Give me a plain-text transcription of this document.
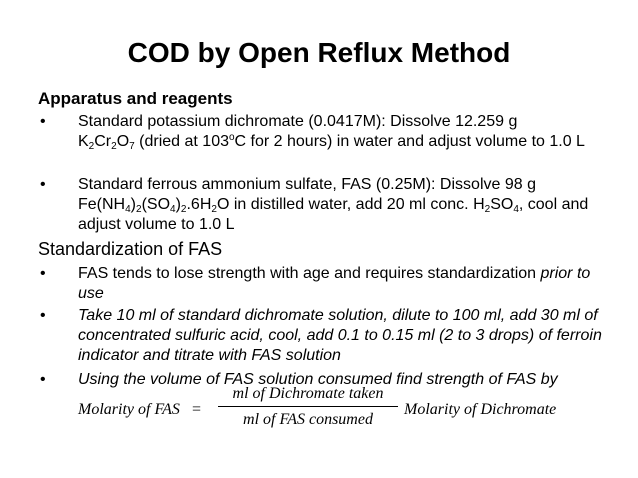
COD by Open Reflux Method
Apparatus and reagents
• Standard potassium dichromate (0.0417M): Dissolve 12.259 g
$K_2Cr_2O_7$ (dried at 103$^o$C for 2 hours) in water and adjust volume to 1.0 L
• Standard ferrous ammonium sulfate, FAS (0.25M): Dissolve 98 g $Fe(NH_4)_2(SO_4)_2.6H_2O$ in distilled water, add 20 ml conc. $H_2SO_4$, cool and adjust volume to 1.0 L
Standardization of FAS
• FAS tends to lose strength with age and requires standardization prior to use
• Take 10 ml of standard dichromate solution, dilute to 100 ml, add 30 ml of concentrated sulfuric acid, cool, add 0.1 to 0.15 ml (2 to 3 drops) of ferroin indicator and titrate with FAS solution
• Using the volume of FAS solution consumed find strength of FAS by
Molarity of FAS =
ml of Dichromate taken
ml of FAS consumed
Molarity of Dichromate
